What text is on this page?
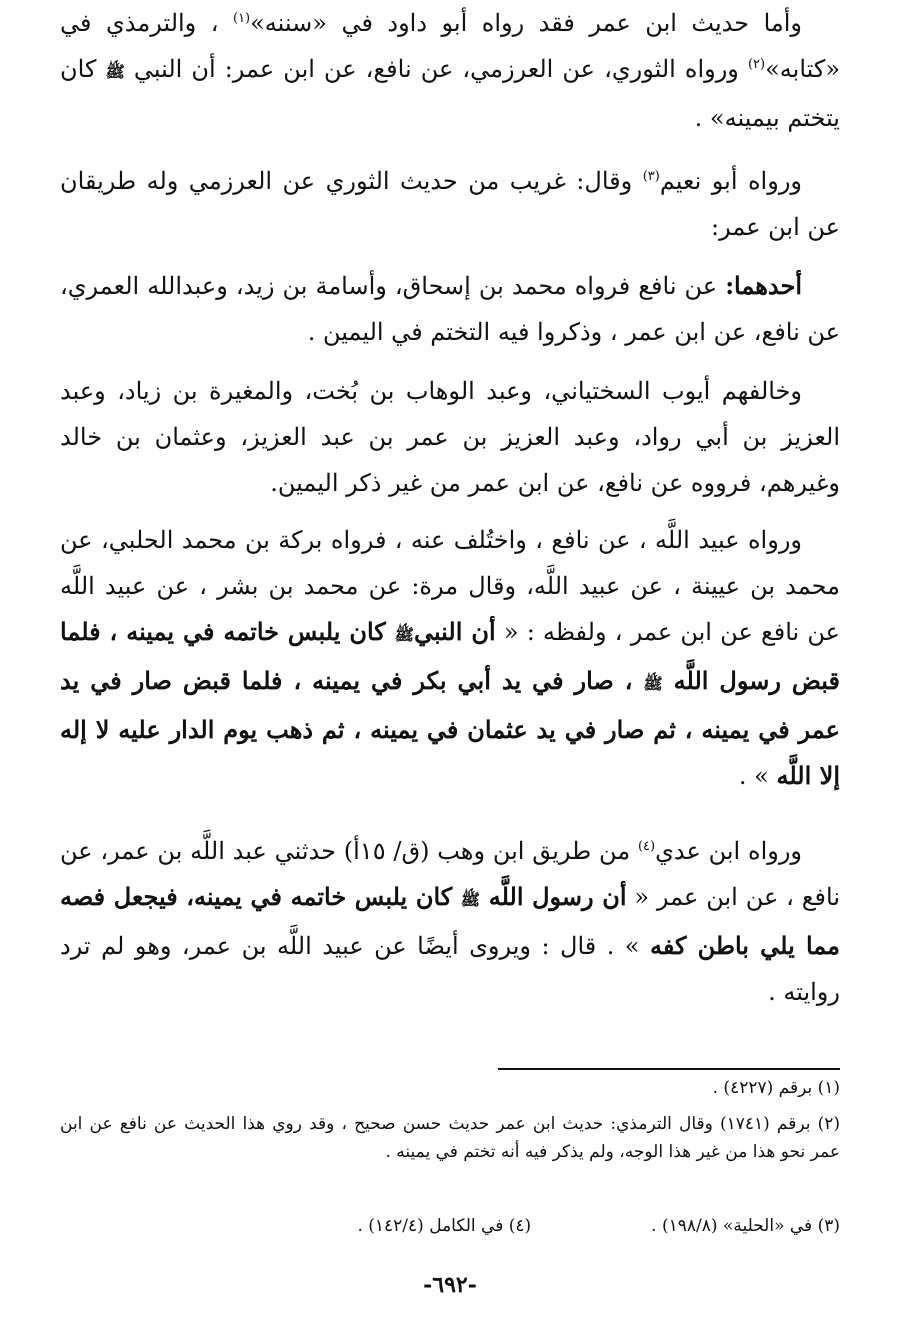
وأما حديث ابن عمر فقد رواه أبو داود في «سننه»$^{(١)}$ ، والترمذي في «كتابه»$^{(٢)}$ ورواه الثوري، عن العرزمي، عن نافع، عن ابن عمر: أن النبي ﷺ كان يتختم بيمينه» .

ورواه أبو نعيم$^{(٣)}$ وقال: غريب من حديث الثوري عن العرزمي وله طريقان عن ابن عمر:

أحدهما: عن نافع فرواه محمد بن إسحاق، وأسامة بن زيد، وعبدالله العمري، عن نافع، عن ابن عمر ، وذكروا فيه التختم في اليمين .

وخالفهم أيوب السختياني، وعبد الوهاب بن بُخت، والمغيرة بن زياد، وعبد العزيز بن أبي رواد، وعبد العزيز بن عمر بن عبد العزيز، وعثمان بن خالد وغيرهم، فرووه عن نافع، عن ابن عمر من غير ذكر اليمين.

ورواه عبيد اللَّه ، عن نافع ، واختُلف عنه ، فرواه بركة بن محمد الحلبي، عن محمد بن عيينة ، عن عبيد اللَّه، وقال مرة: عن محمد بن بشر ، عن عبيد اللَّه عن نافع عن ابن عمر ، ولفظه : « أن النبيﷺ كان يلبس خاتمه في يمينه ، فلما قبض رسول اللَّه ﷺ ، صار في يد أبي بكر في يمينه ، فلما قبض صار في يد عمر في يمينه ، ثم صار في يد عثمان في يمينه ، ثم ذهب يوم الدار عليه لا إله إلا اللَّه » .

ورواه ابن عدي$^{(٤)}$ من طريق ابن وهب (ق/ ١٥أ) حدثني عبد اللَّه بن عمر، عن نافع ، عن ابن عمر « أن رسول اللَّه ﷺ كان يلبس خاتمه في يمينه، فيجعل فصه مما يلي باطن كفه » . قال : ويروى أيضًا عن عبيد اللَّه بن عمر، وهو لم ترد روايته .

(١) برقم (٤٢٢٧) .

(٢) برقم (١٧٤١) وقال الترمذي: حديث ابن عمر حديث حسن صحيح ، وقد روي هذا الحديث عن نافع عن ابن عمر نحو هذا من غير هذا الوجه، ولم يذكر فيه أنه تختم في يمينه .

(٣) في «الحلية» (١٩٨/٨) .
(٤) في الكامل (١٤٢/٤) .
-٦٩٢-
